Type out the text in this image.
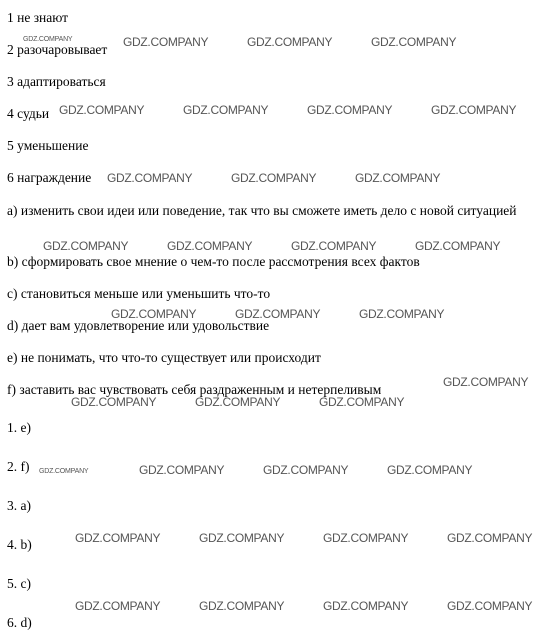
1 не знают
2 разочаровывает
3 адаптироваться
4 судьи
5 уменьшение
6 награждение
a) изменить свои идеи или поведение, так что вы сможете иметь дело с новой ситуацией
b) сформировать свое мнение о чем-то после рассмотрения всех фактов
c) становиться меньше или уменьшить что-то
d) дает вам удовлетворение или удовольствие
e) не понимать, что что-то существует или происходит
f) заставить вас чувствовать себя раздраженным и нетерпеливым
1. e)
2. f)
3. a)
4. b)
5. c)
6. d)
GDZ.COMPANY	GDZ.COMPANY	GDZ.COMPANY	GDZ.COMPANY
GDZ.COMPANY	GDZ.COMPANY	GDZ.COMPANY	GDZ.COMPANY
GDZ.COMPANY	GDZ.COMPANY	GDZ.COMPANY
GDZ.COMPANY	GDZ.COMPANY	GDZ.COMPANY	GDZ.COMPANY
GDZ.COMPANY	GDZ.COMPANY	GDZ.COMPANY
GDZ.COMPANY
GDZ.COMPANY	GDZ.COMPANY	GDZ.COMPANY
GDZ.COMPANY	GDZ.COMPANY	GDZ.COMPANY	GDZ.COMPANY
GDZ.COMPANY	GDZ.COMPANY	GDZ.COMPANY	GDZ.COMPANY
GDZ.COMPANY	GDZ.COMPANY	GDZ.COMPANY	GDZ.COMPANY
